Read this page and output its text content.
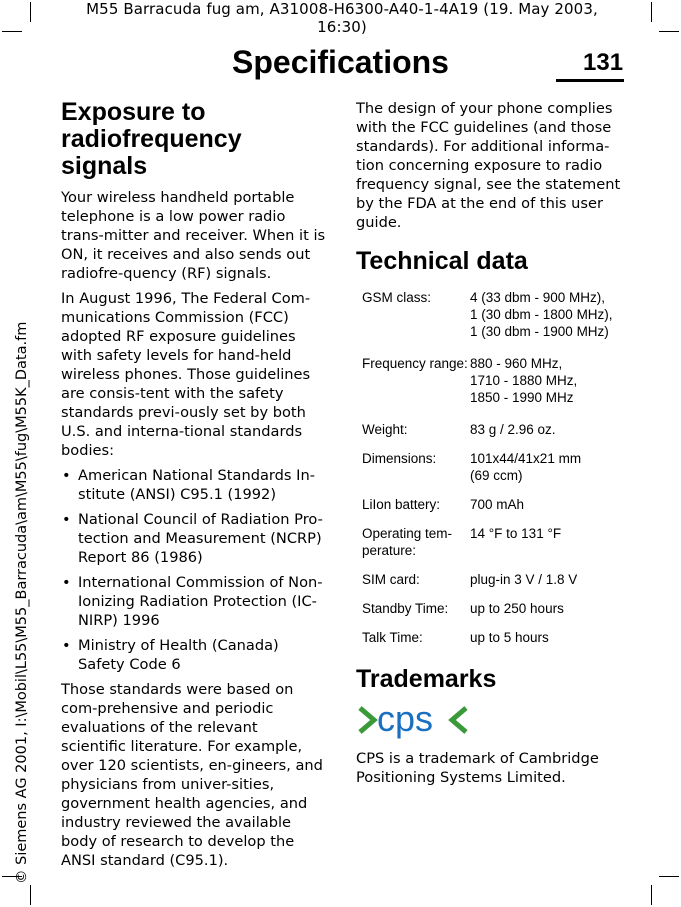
M55 Barracuda fug am, A31008-H6300-A40-1-4A19 (19. May 2003, 16:30)
© Siemens AG 2001, I:\Mobil\L55\M55_Barracuda\am\M55\fug\M55K_Data.fm
Specifications	131
Exposure to radiofrequency signals

Your wireless handheld portable telephone is a low power radio trans-mitter and receiver. When it is ON, it receives and also sends out radiofre-quency (RF) signals.

In August 1996, The Federal Com-munications Commission (FCC) adopted RF exposure guidelines with safety levels for hand-held wireless phones. Those guidelines are consis-tent with the safety standards previ-ously set by both U.S. and interna-tional standards bodies:

• American National Standards In-stitute (ANSI) C95.1 (1992)
• National Council of Radiation Pro-tection and Measurement (NCRP) Report 86 (1986)
• International Commission of Non-Ionizing Radiation Protection (IC-NIRP) 1996
• Ministry of Health (Canada) Safety Code 6

Those standards were based on com-prehensive and periodic evaluations of the relevant scientific literature. For example, over 120 scientists, en-gineers, and physicians from univer-sities, government health agencies, and industry reviewed the available body of research to develop the ANSI standard (C95.1).

The design of your phone complies with the FCC guidelines (and those standards). For additional informa-tion concerning exposure to radio frequency signal, see the statement by the FDA at the end of this user guide.

Technical data
GSM class:	4 (33 dbm - 900 MHz),
1 (30 dbm - 1800 MHz),
1 (30 dbm - 1900 MHz)
Frequency range: 880 - 960 MHz,
1710 - 1880 MHz,
1850 - 1990 MHz
Weight:	83 g / 2.96 oz.
Dimensions:	101x44/41x21 mm
(69 ccm)
LiIon battery:	700 mAh
Operating tem-perature:
14 °F to 131 °F
SIM card:	plug-in 3 V / 1.8 V
Standby Time:	up to 250 hours
Talk Time:	up to 5 hours
Trademarks
cps

CPS is a trademark of Cambridge Positioning Systems Limited.
